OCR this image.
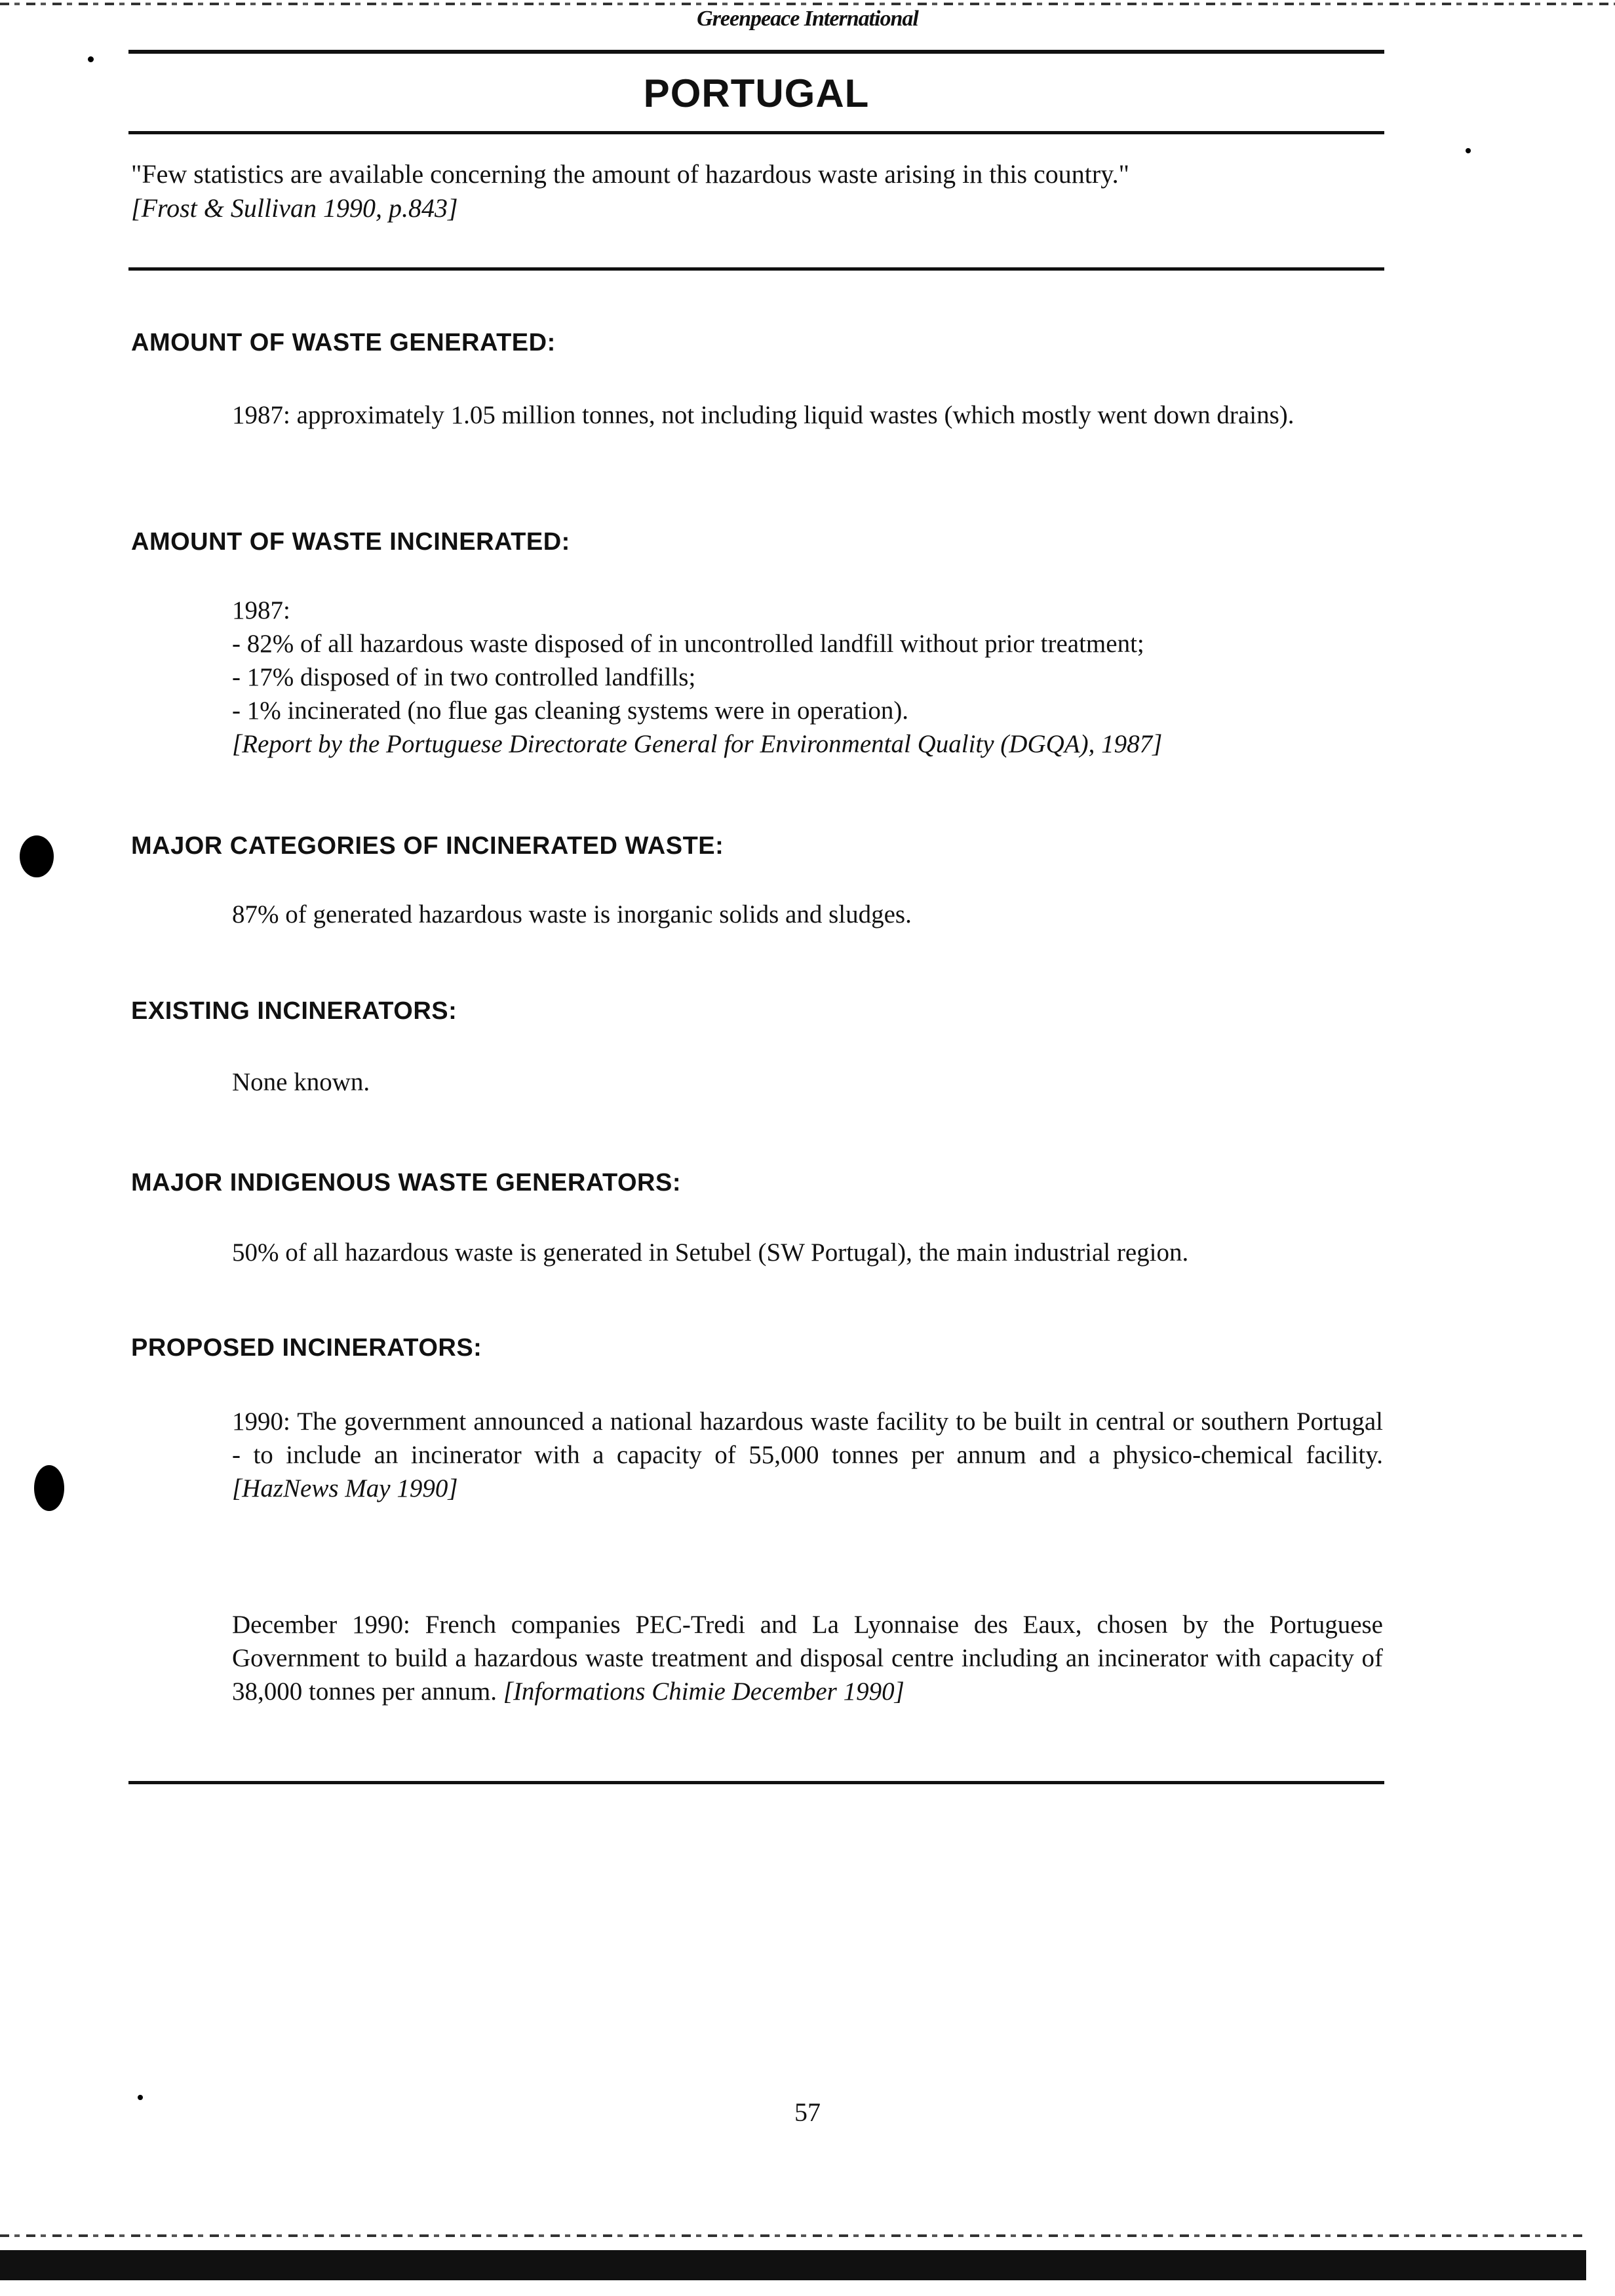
Greenpeace International
PORTUGAL
"Few statistics are available concerning the amount of hazardous waste arising in this country."
[Frost & Sullivan 1990, p.843]
AMOUNT OF WASTE GENERATED:
1987: approximately 1.05 million tonnes, not including liquid wastes (which mostly went down drains).
AMOUNT OF WASTE INCINERATED:
1987:
- 82% of all hazardous waste disposed of in uncontrolled landfill without prior treatment;
- 17% disposed of in two controlled landfills;
- 1% incinerated (no flue gas cleaning systems were in operation).
[Report by the Portuguese Directorate General for Environmental Quality (DGQA), 1987]
MAJOR CATEGORIES OF INCINERATED WASTE:
87% of generated hazardous waste is inorganic solids and sludges.
EXISTING INCINERATORS:
None known.
MAJOR INDIGENOUS WASTE GENERATORS:
50% of all hazardous waste is generated in Setubel (SW Portugal), the main industrial region.
PROPOSED INCINERATORS:
1990: The government announced a national hazardous waste facility to be built in central or southern Portugal - to include an incinerator with a capacity of 55,000 tonnes per annum and a physico-chemical facility. [HazNews May 1990]
December 1990: French companies PEC-Tredi and La Lyonnaise des Eaux, chosen by the Portuguese Government to build a hazardous waste treatment and disposal centre including an incinerator with capacity of 38,000 tonnes per annum. [Informations Chimie December 1990]
57
